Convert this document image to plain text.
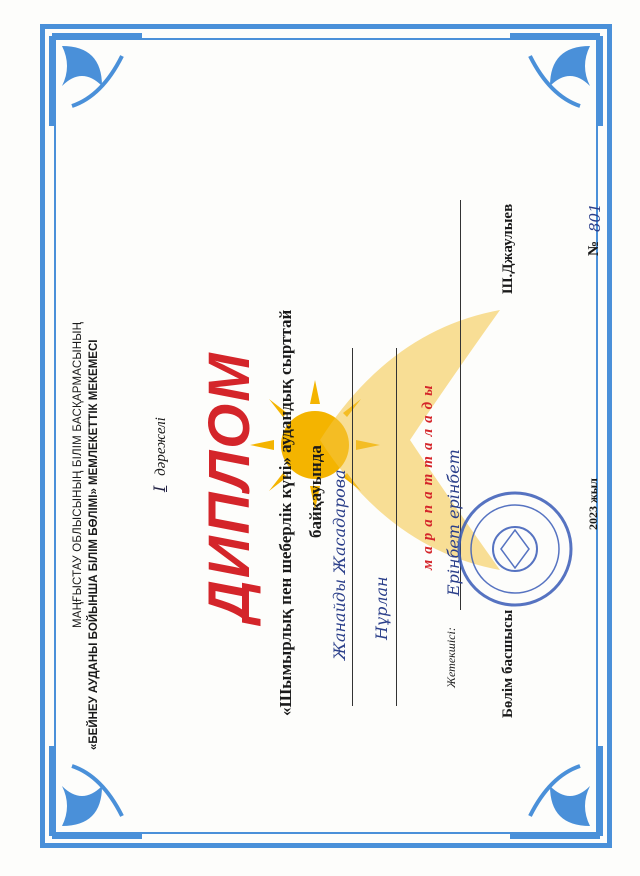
МАҢҒЫСТАУ ОБЛЫСЫНЫҢ БІЛІМ БАСҚАРМАСЫНЫҢ «БЕЙНЕУ АУДАНЫ БОЙЫНША БІЛІМ БӨЛІМІ» МЕМЛЕКЕТТІК МЕКЕМЕСІ	I дәрежелі ДИПЛОМ «Шымырлық пен шеберлік күні» аудандық сырттай байқауында Жанайды Жасадарова Нұрлан
марапатталады
Жетекшісі:
Ерінбет ерінбет
Бөлім басшысы
Ш.Джаулыев
2023 жыл
№
801
